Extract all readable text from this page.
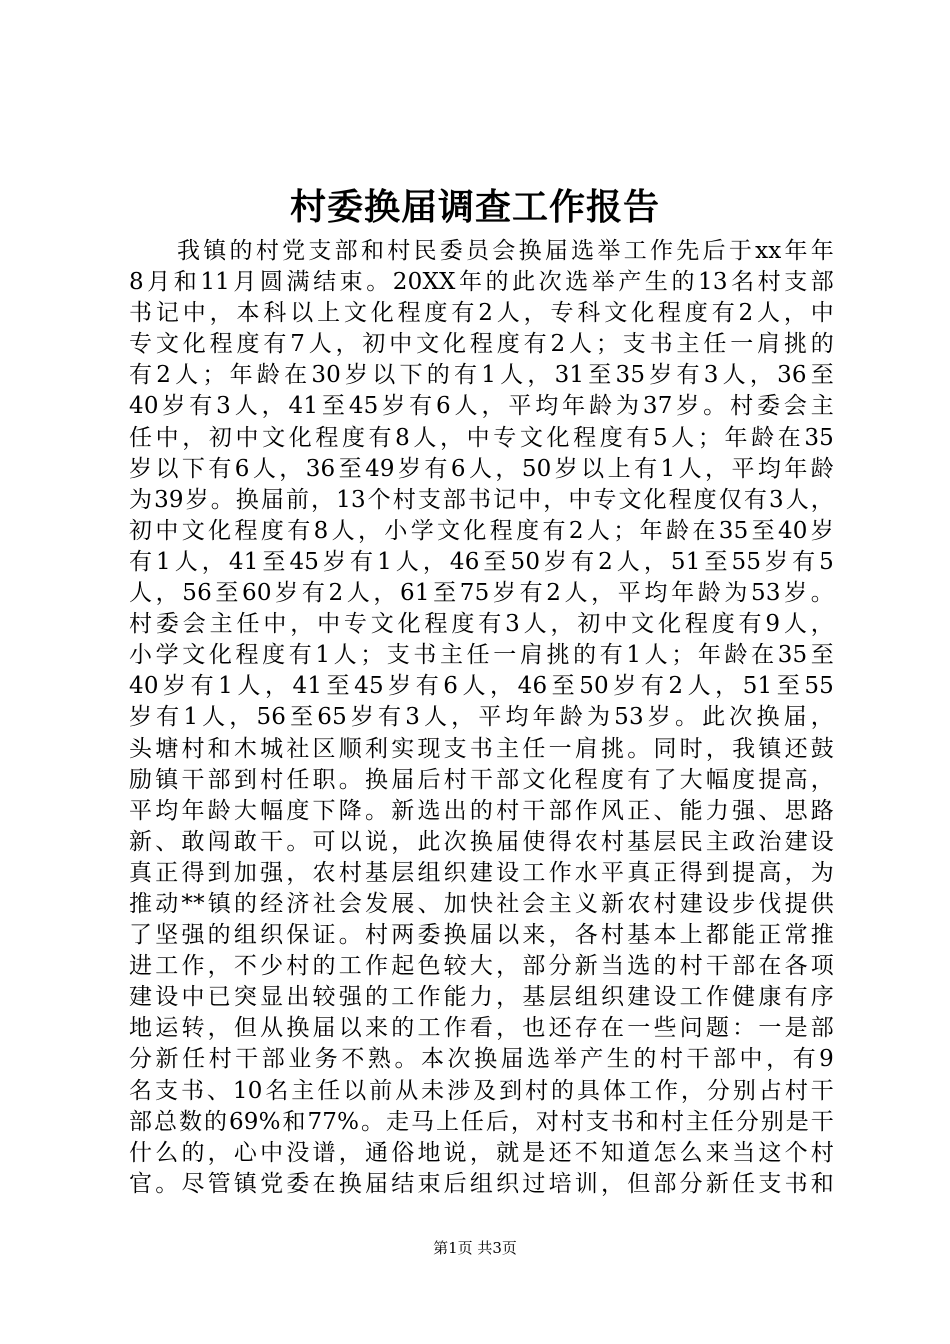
村委换届调查工作报告
我镇的村党支部和村民委员会换届选举工作先后于xx年年
8月和11月圆满结束。20XX年的此次选举产生的13名村支部
书记中，本科以上文化程度有2人，专科文化程度有2人，中
专文化程度有7人，初中文化程度有2人；支书主任一肩挑的
有2人；年龄在30岁以下的有1人，31至35岁有3人，36至
40岁有3人，41至45岁有6人，平均年龄为37岁。村委会主
任中，初中文化程度有8人，中专文化程度有5人；年龄在35
岁以下有6人，36至49岁有6人，50岁以上有1人，平均年龄
为39岁。换届前，13个村支部书记中，中专文化程度仅有3人，
初中文化程度有8人，小学文化程度有2人；年龄在35至40岁
有1人，41至45岁有1人，46至50岁有2人，51至55岁有5
人，56至60岁有2人，61至75岁有2人，平均年龄为53岁。
村委会主任中，中专文化程度有3人，初中文化程度有9人，
小学文化程度有1人；支书主任一肩挑的有1人；年龄在35至
40岁有1人，41至45岁有6人，46至50岁有2人，51至55
岁有1人，56至65岁有3人，平均年龄为53岁。此次换届，
头塘村和木城社区顺利实现支书主任一肩挑。同时，我镇还鼓
励镇干部到村任职。换届后村干部文化程度有了大幅度提高，
平均年龄大幅度下降。新选出的村干部作风正、能力强、思路
新、敢闯敢干。可以说，此次换届使得农村基层民主政治建设
真正得到加强，农村基层组织建设工作水平真正得到提高，为
推动**镇的经济社会发展、加快社会主义新农村建设步伐提供
了坚强的组织保证。村两委换届以来，各村基本上都能正常推
进工作，不少村的工作起色较大，部分新当选的村干部在各项
建设中已突显出较强的工作能力，基层组织建设工作健康有序
地运转，但从换届以来的工作看，也还存在一些问题：一是部
分新任村干部业务不熟。本次换届选举产生的村干部中，有9
名支书、10名主任以前从未涉及到村的具体工作，分别占村干
部总数的69%和77%。走马上任后，对村支书和村主任分别是干
什么的，心中没谱，通俗地说，就是还不知道怎么来当这个村
官。尽管镇党委在换届结束后组织过培训，但部分新任支书和
第1页 共3页
